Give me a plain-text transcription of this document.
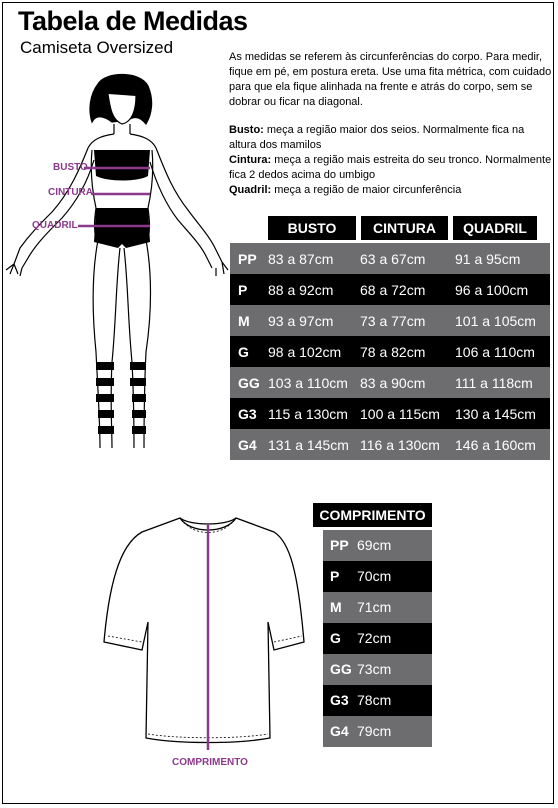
Tabela de Medidas
Camiseta Oversized	As medidas se referem às circunferências do corpo. Para medir, fique em pé, em postura ereta. Use uma fita métrica, com cuidado para que ela fique alinhada na frente e atrás do corpo, sem se dobrar ou ficar na diagonal.

Busto: meça a região maior dos seios. Normalmente fica na altura dos mamilos

Cintura: meça a região mais estreita do seu tronco. Normalmente fica 2 dedos acima do umbigo

Quadril: meça a região de maior circunferência

BUSTO
CINTURA
QUADRIL	BUSTO	CINTURA	QUADRIL
PP 83 a 87cm 63 a 67cm 91 a 95cm
P 88 a 92cm 68 a 72cm 96 a 100cm
M 93 a 97cm 73 a 77cm 101 a 105cm
G 98 a 102cm 78 a 82cm 106 a 110cm
GG 103 a 110cm 83 a 90cm 111 a 118cm
G3 115 a 130cm 100 a 115cm 130 a 145cm
G4 131 a 145cm 116 a 130cm 146 a 160cm
COMPRIMENTO
COMPRIMENTO
PP 69cm
P 70cm
M 71cm
G 72cm
GG 73cm
G3 78cm
G4 79cm
